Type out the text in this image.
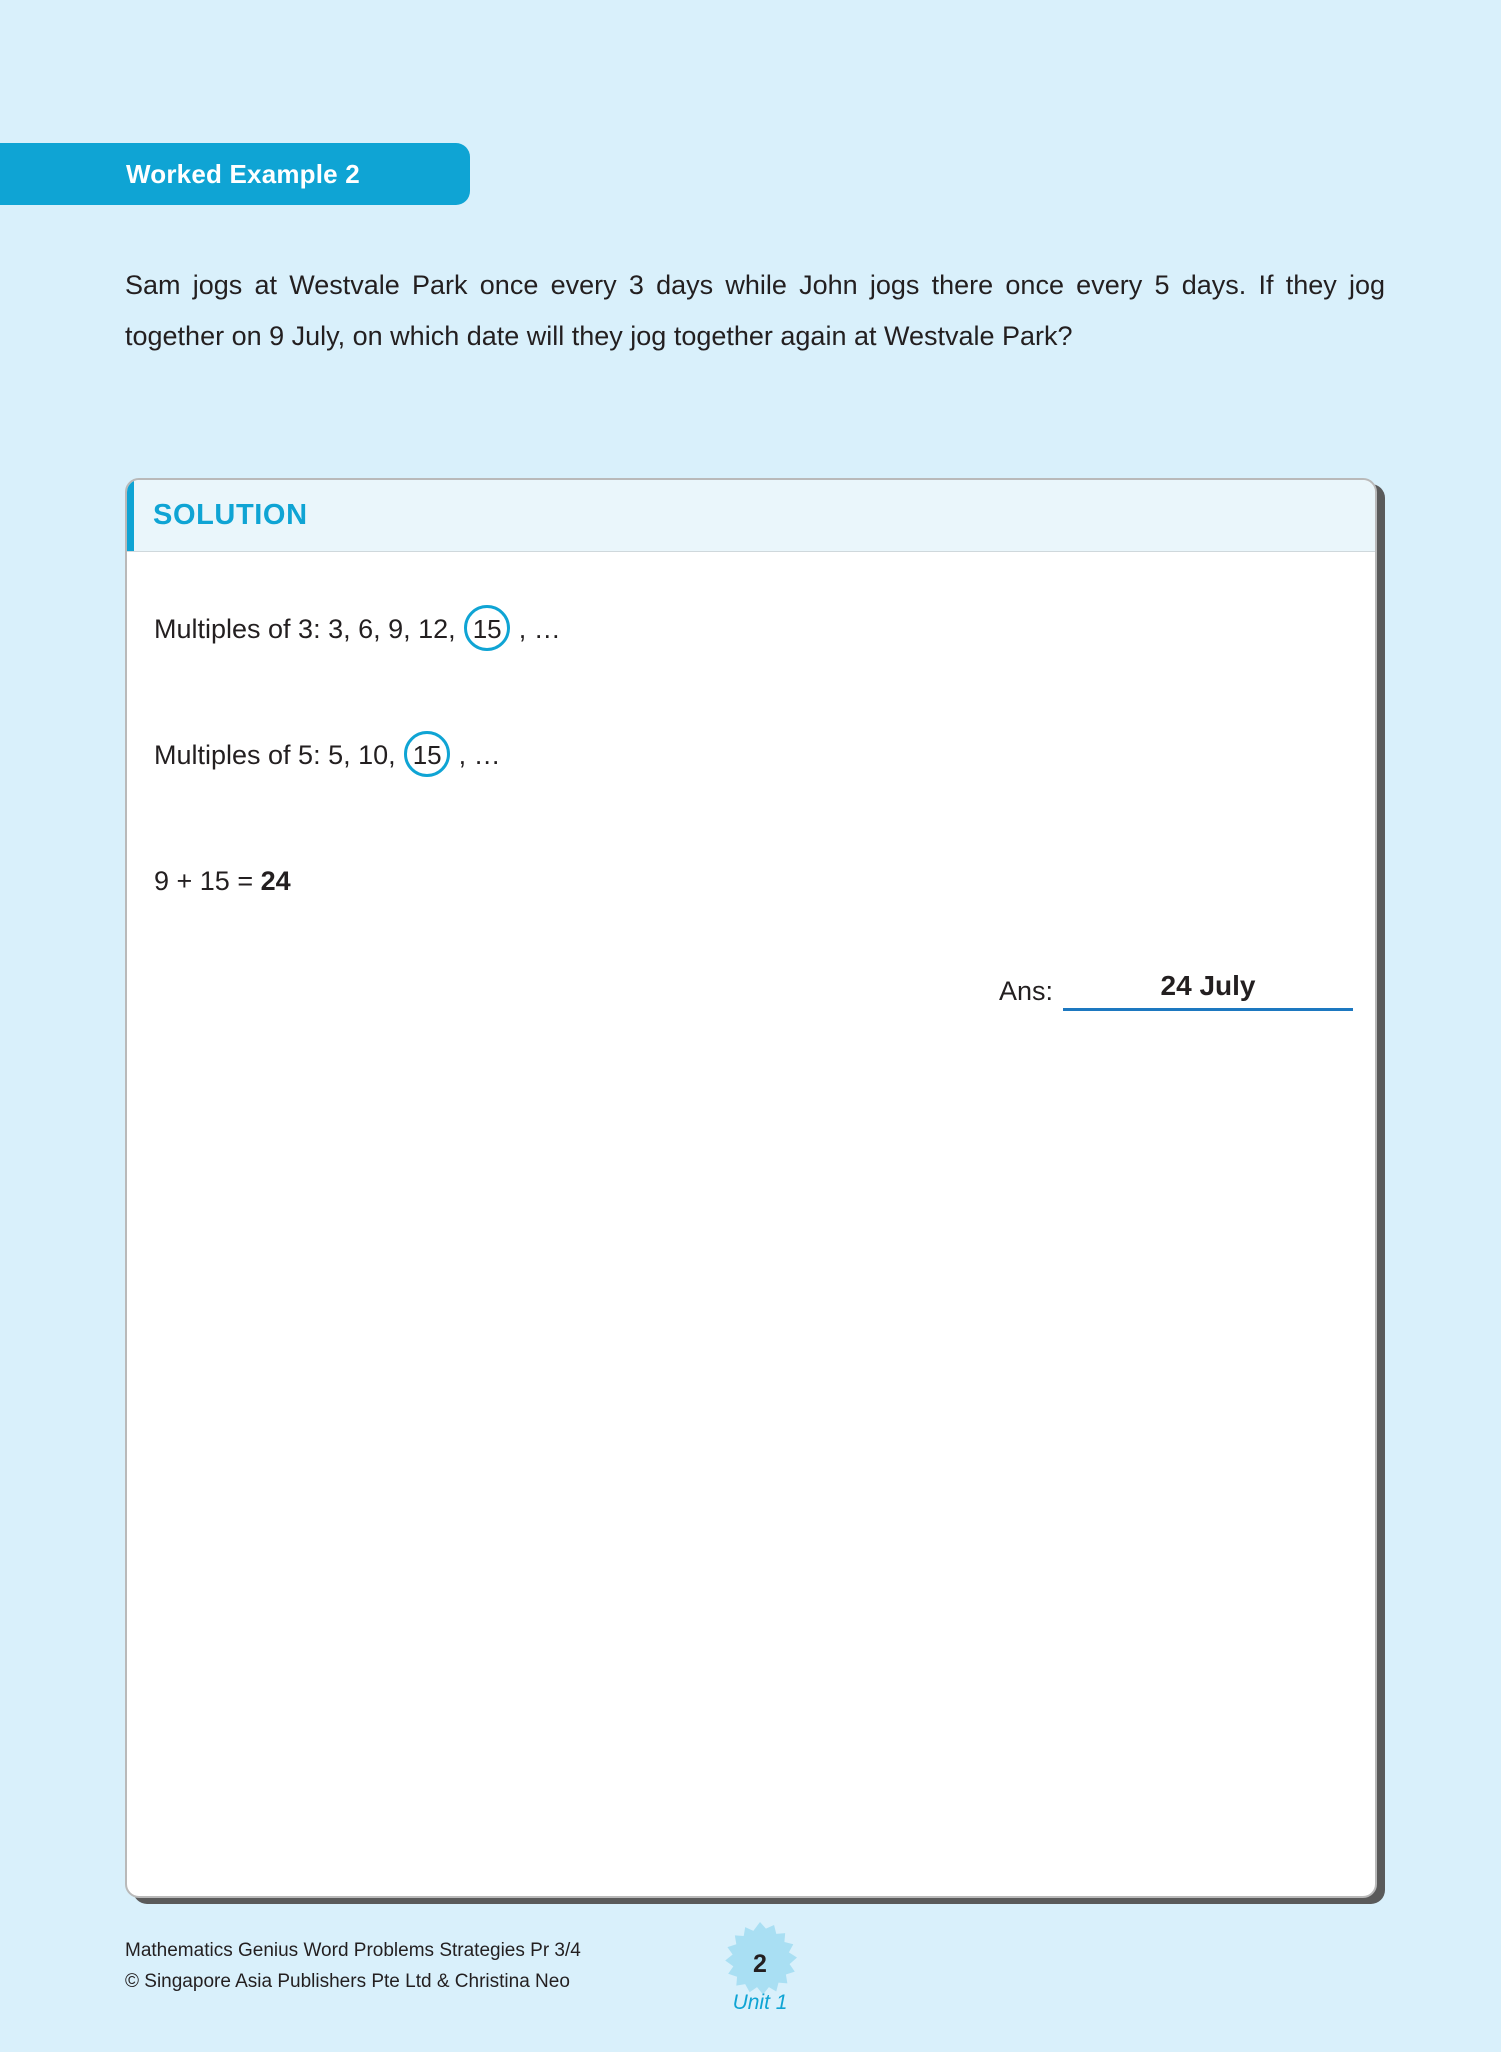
Worked Example 2
Sam jogs at Westvale Park once every 3 days while John jogs there once every 5 days. If they jog together on 9 July, on which date will they jog together again at Westvale Park?
SOLUTION
Multiples of 3: 3, 6, 9, 12, 15 , …
Multiples of 5: 5, 10, 15 , …
9 + 15 = 24
Ans:	24 July
Mathematics Genius Word Problems Strategies Pr 3/4
© Singapore Asia Publishers Pte Ltd & Christina Neo
2
Unit 1
